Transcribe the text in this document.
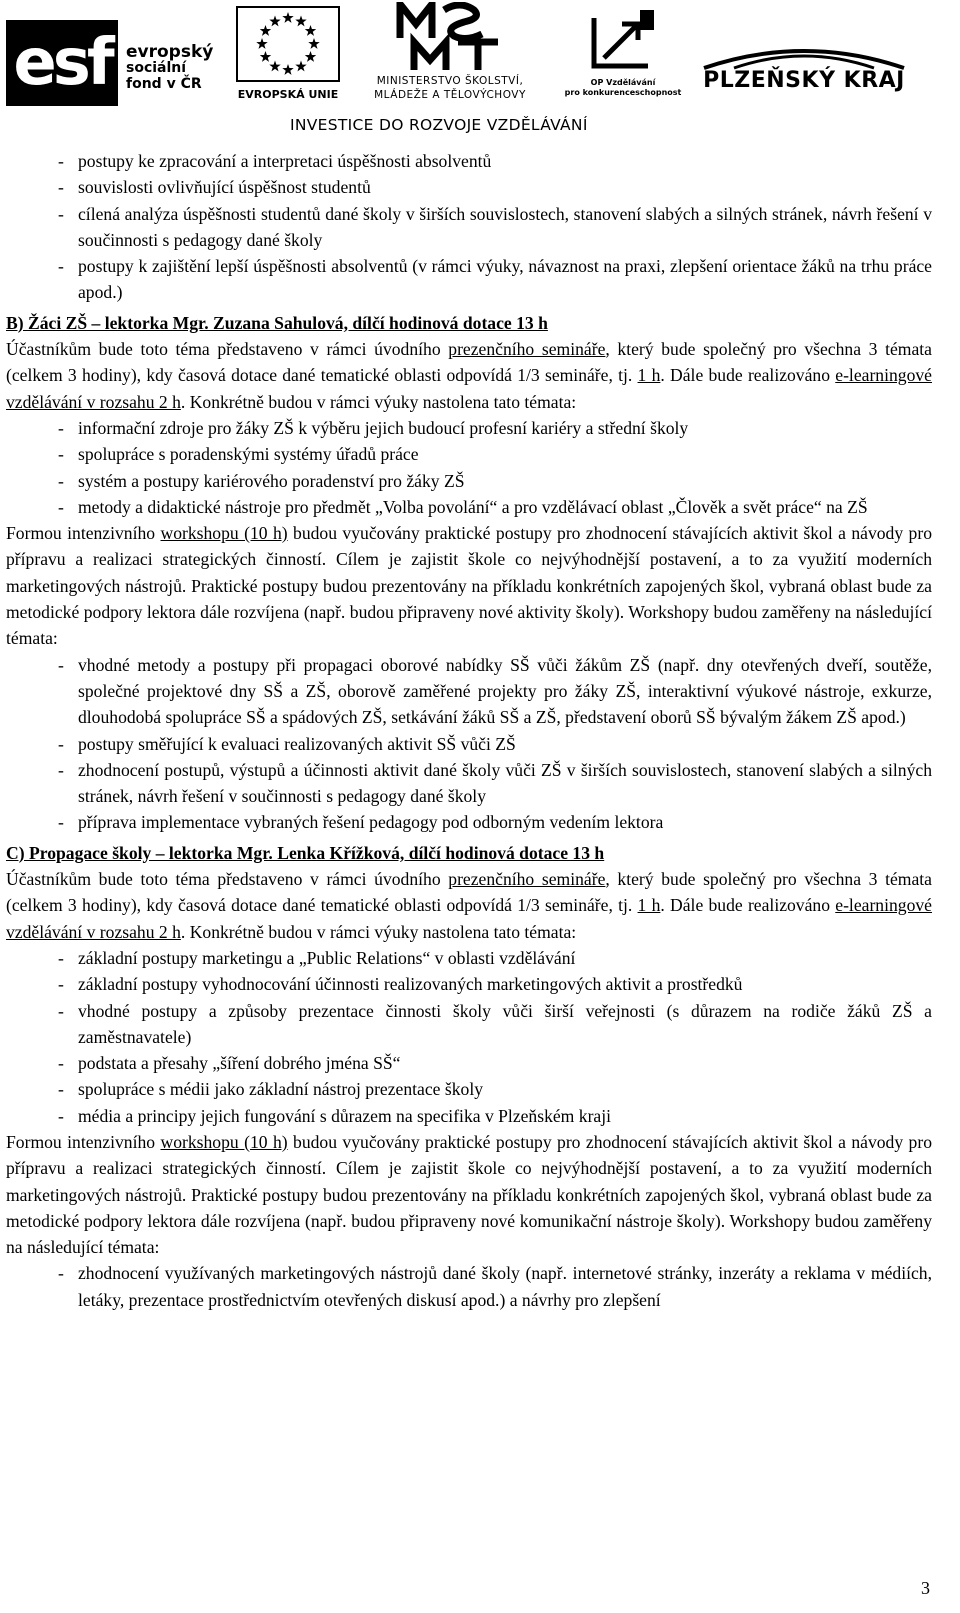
esf evropský
sociální
fond v ČR
EVROPSKÁ UNIE
MINISTERSTVO ŠKOLSTVÍ,
MLÁDEŽE A TĚLOVÝCHOVY
OP Vzdělávání
pro konkurenceschopnost PLZEŇSKÝ KRAJ
INVESTICE DO ROZVOJE VZDĚLÁVÁNÍ
- postupy ke zpracování a interpretaci úspěšnosti absolventů
- souvislosti ovlivňující úspěšnost studentů
- cílená analýza úspěšnosti studentů dané školy v širších souvislostech, stanovení slabých a silných stránek, návrh řešení v součinnosti s pedagogy dané školy
- postupy k zajištění lepší úspěšnosti absolventů (v rámci výuky, návaznost na praxi, zlepšení orientace žáků na trhu práce apod.)

B) Žáci ZŠ – lektorka Mgr. Zuzana Sahulová, dílčí hodinová dotace 13 h

Účastníkům bude toto téma představeno v rámci úvodního prezenčního semináře, který bude společný pro všechna 3 témata (celkem 3 hodiny), kdy časová dotace dané tematické oblasti odpovídá 1/3 semináře, tj. 1 h. Dále bude realizováno e-learningové vzdělávání v rozsahu 2 h. Konkrétně budou v rámci výuky nastolena tato témata:

- informační zdroje pro žáky ZŠ k výběru jejich budoucí profesní kariéry a střední školy
- spolupráce s poradenskými systémy úřadů práce
- systém a postupy kariérového poradenství pro žáky ZŠ
- metody a didaktické nástroje pro předmět „Volba povolání“ a pro vzdělávací oblast „Člověk a svět práce“ na ZŠ

Formou intenzivního workshopu (10 h) budou vyučovány praktické postupy pro zhodnocení stávajících aktivit škol a návody pro přípravu a realizaci strategických činností. Cílem je zajistit škole co nejvýhodnější postavení, a to za využití moderních marketingových nástrojů. Praktické postupy budou prezentovány na příkladu konkrétních zapojených škol, vybraná oblast bude za metodické podpory lektora dále rozvíjena (např. budou připraveny nové aktivity školy). Workshopy budou zaměřeny na následující témata:

- vhodné metody a postupy při propagaci oborové nabídky SŠ vůči žákům ZŠ (např. dny otevřených dveří, soutěže, společné projektové dny SŠ a ZŠ, oborově zaměřené projekty pro žáky ZŠ, interaktivní výukové nástroje, exkurze, dlouhodobá spolupráce SŠ a spádových ZŠ, setkávání žáků SŠ a ZŠ, představení oborů SŠ bývalým žákem ZŠ apod.)
- postupy směřující k evaluaci realizovaných aktivit SŠ vůči ZŠ
- zhodnocení postupů, výstupů a účinnosti aktivit dané školy vůči ZŠ v širších souvislostech, stanovení slabých a silných stránek, návrh řešení v součinnosti s pedagogy dané školy
- příprava implementace vybraných řešení pedagogy pod odborným vedením lektora

C) Propagace školy – lektorka Mgr. Lenka Křížková, dílčí hodinová dotace 13 h

Účastníkům bude toto téma představeno v rámci úvodního prezenčního semináře, který bude společný pro všechna 3 témata (celkem 3 hodiny), kdy časová dotace dané tematické oblasti odpovídá 1/3 semináře, tj. 1 h. Dále bude realizováno e-learningové vzdělávání v rozsahu 2 h. Konkrétně budou v rámci výuky nastolena tato témata:

- základní postupy marketingu a „Public Relations“ v oblasti vzdělávání
- základní postupy vyhodnocování účinnosti realizovaných marketingových aktivit a prostředků
- vhodné postupy a způsoby prezentace činnosti školy vůči širší veřejnosti (s důrazem na rodiče žáků ZŠ a zaměstnavatele)
- podstata a přesahy „šíření dobrého jména SŠ“
- spolupráce s médii jako základní nástroj prezentace školy
- média a principy jejich fungování s důrazem na specifika v Plzeňském kraji

Formou intenzivního workshopu (10 h) budou vyučovány praktické postupy pro zhodnocení stávajících aktivit škol a návody pro přípravu a realizaci strategických činností. Cílem je zajistit škole co nejvýhodnější postavení, a to za využití moderních marketingových nástrojů. Praktické postupy budou prezentovány na příkladu konkrétních zapojených škol, vybraná oblast bude za metodické podpory lektora dále rozvíjena (např. budou připraveny nové komunikační nástroje školy). Workshopy budou zaměřeny na následující témata:

- zhodnocení využívaných marketingových nástrojů dané školy (např. internetové stránky, inzeráty a reklama v médiích, letáky, prezentace prostřednictvím otevřených diskusí apod.) a návrhy pro zlepšení
3
